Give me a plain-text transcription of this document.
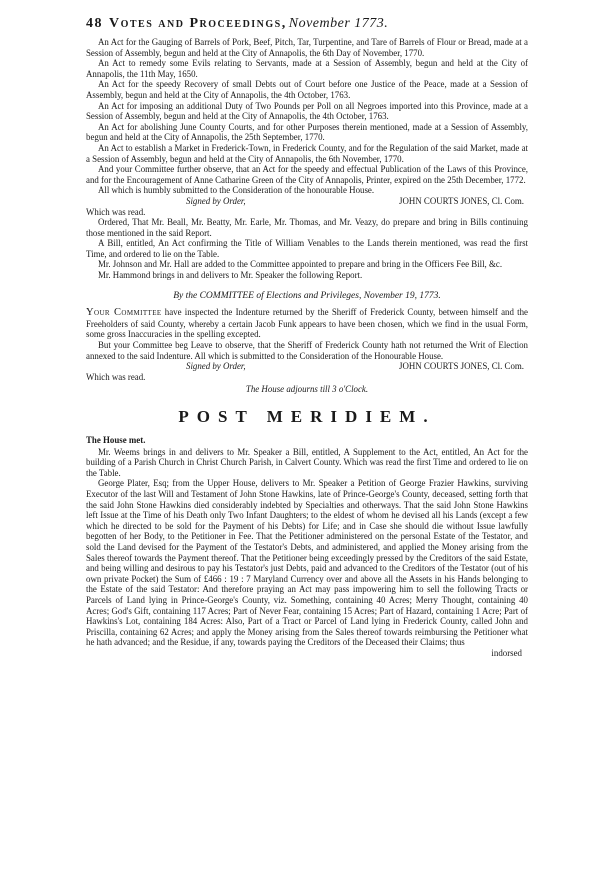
48 Votes and Proceedings, November 1773.

An Act for the Gauging of Barrels of Pork, Beef, Pitch, Tar, Turpentine, and Tare of Barrels of Flour or Bread, made at a Session of Assembly, begun and held at the City of Annapolis, the 6th Day of November, 1770.

An Act to remedy some Evils relating to Servants, made at a Session of Assembly, begun and held at the City of Annapolis, the 11th May, 1650.

An Act for the speedy Recovery of small Debts out of Court before one Justice of the Peace, made at a Session of Assembly, begun and held at the City of Annapolis, the 4th October, 1763.

An Act for imposing an additional Duty of Two Pounds per Poll on all Negroes imported into this Province, made at a Session of Assembly, begun and held at the City of Annapolis, the 4th October, 1763.

An Act for abolishing June County Courts, and for other Purposes therein mentioned, made at a Session of Assembly, begun and held at the City of Annapolis, the 25th September, 1770.

An Act to establish a Market in Frederick-Town, in Frederick County, and for the Regulation of the said Market, made at a Session of Assembly, begun and held at the City of Annapolis, the 6th November, 1770.

And your Committee further observe, that an Act for the speedy and effectual Publication of the Laws of this Province, and for the Encouragement of Anne Catharine Green of the City of Annapolis, Printer, expired on the 25th December, 1772.

All which is humbly submitted to the Consideration of the honourable House.

Signed by Order,	JOHN COURTS JONES, Cl. Com.

Which was read.

Ordered, That Mr. Beall, Mr. Beatty, Mr. Earle, Mr. Thomas, and Mr. Veazy, do prepare and bring in Bills continuing those mentioned in the said Report.

A Bill, entitled, An Act confirming the Title of William Venables to the Lands therein mentioned, was read the first Time, and ordered to lie on the Table.

Mr. Johnson and Mr. Hall are added to the Committee appointed to prepare and bring in the Officers Fee Bill, &c.

Mr. Hammond brings in and delivers to Mr. Speaker the following Report.

By the COMMITTEE of Elections and Privileges, November 19, 1773.

Your Committee have inspected the Indenture returned by the Sheriff of Frederick County, between himself and the Freeholders of said County, whereby a certain Jacob Funk appears to have been chosen, which we find in the usual Form, some gross Inaccuracies in the spelling excepted.

But your Committee beg Leave to observe, that the Sheriff of Frederick County hath not returned the Writ of Election annexed to the said Indenture. All which is submitted to the Consideration of the Honourable House.

Signed by Order,	JOHN COURTS JONES, Cl. Com.

Which was read.

The House adjourns till 3 o'Clock.
POST MERIDIEM.

The House met.

Mr. Weems brings in and delivers to Mr. Speaker a Bill, entitled, A Supplement to the Act, entitled, An Act for the building of a Parish Church in Christ Church Parish, in Calvert County. Which was read the first Time and ordered to lie on the Table.

George Plater, Esq; from the Upper House, delivers to Mr. Speaker a Petition of George Frazier Hawkins, surviving Executor of the last Will and Testament of John Stone Hawkins, late of Prince-George's County, deceased, setting forth that the said John Stone Hawkins died considerably indebted by Specialties and otherways. That the said John Stone Hawkins left Issue at the Time of his Death only Two Infant Daughters; to the eldest of whom he devised all his Lands (except a few which he directed to be sold for the Payment of his Debts) for Life; and in Case she should die without Issue lawfully begotten of her Body, to the Petitioner in Fee. That the Petitioner administered on the personal Estate of the Testator, and sold the Land devised for the Payment of the Testator's Debts, and administered, and applied the Money arising from the Sales thereof towards the Payment thereof. That the Petitioner being exceedingly pressed by the Creditors of the said Estate, and being willing and desirous to pay his Testator's just Debts, paid and advanced to the Creditors of the Testator (out of his own private Pocket) the Sum of £466 : 19 : 7 Maryland Currency over and above all the Assets in his Hands belonging to the Estate of the said Testator: And therefore praying an Act may pass impowering him to sell the following Tracts or Parcels of Land lying in Prince-George's County, viz. Something, containing 40 Acres; Merry Thought, containing 40 Acres; God's Gift, containing 117 Acres; Part of Never Fear, containing 15 Acres; Part of Hazard, containing 1 Acre; Part of Hawkins's Lot, containing 184 Acres: Also, Part of a Tract or Parcel of Land lying in Frederick County, called John and Priscilla, containing 62 Acres; and apply the Money arising from the Sales thereof towards reimbursing the Petitioner what he hath advanced; and the Residue, if any, towards paying the Creditors of the Deceased their Claims; thus

indorsed
